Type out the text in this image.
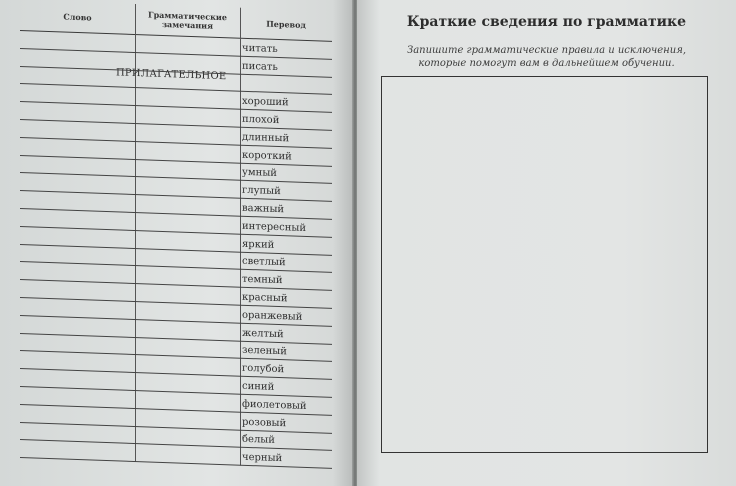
Слово	Грамматические замечания	Перевод
ПРИЛАГАТЕЛЬНОЕ
читать
писать
хороший
плохой
длинный
короткий
умный
глупый
важный
интересный
яркий
светлый
темный
красный
оранжевый
желтый
зеленый
голубой
синий
фиолетовый
розовый
белый
черный
Краткие сведения по грамматике
Запишите грамматические правила и исключения,
которые помогут вам в дальнейшем обучении.
